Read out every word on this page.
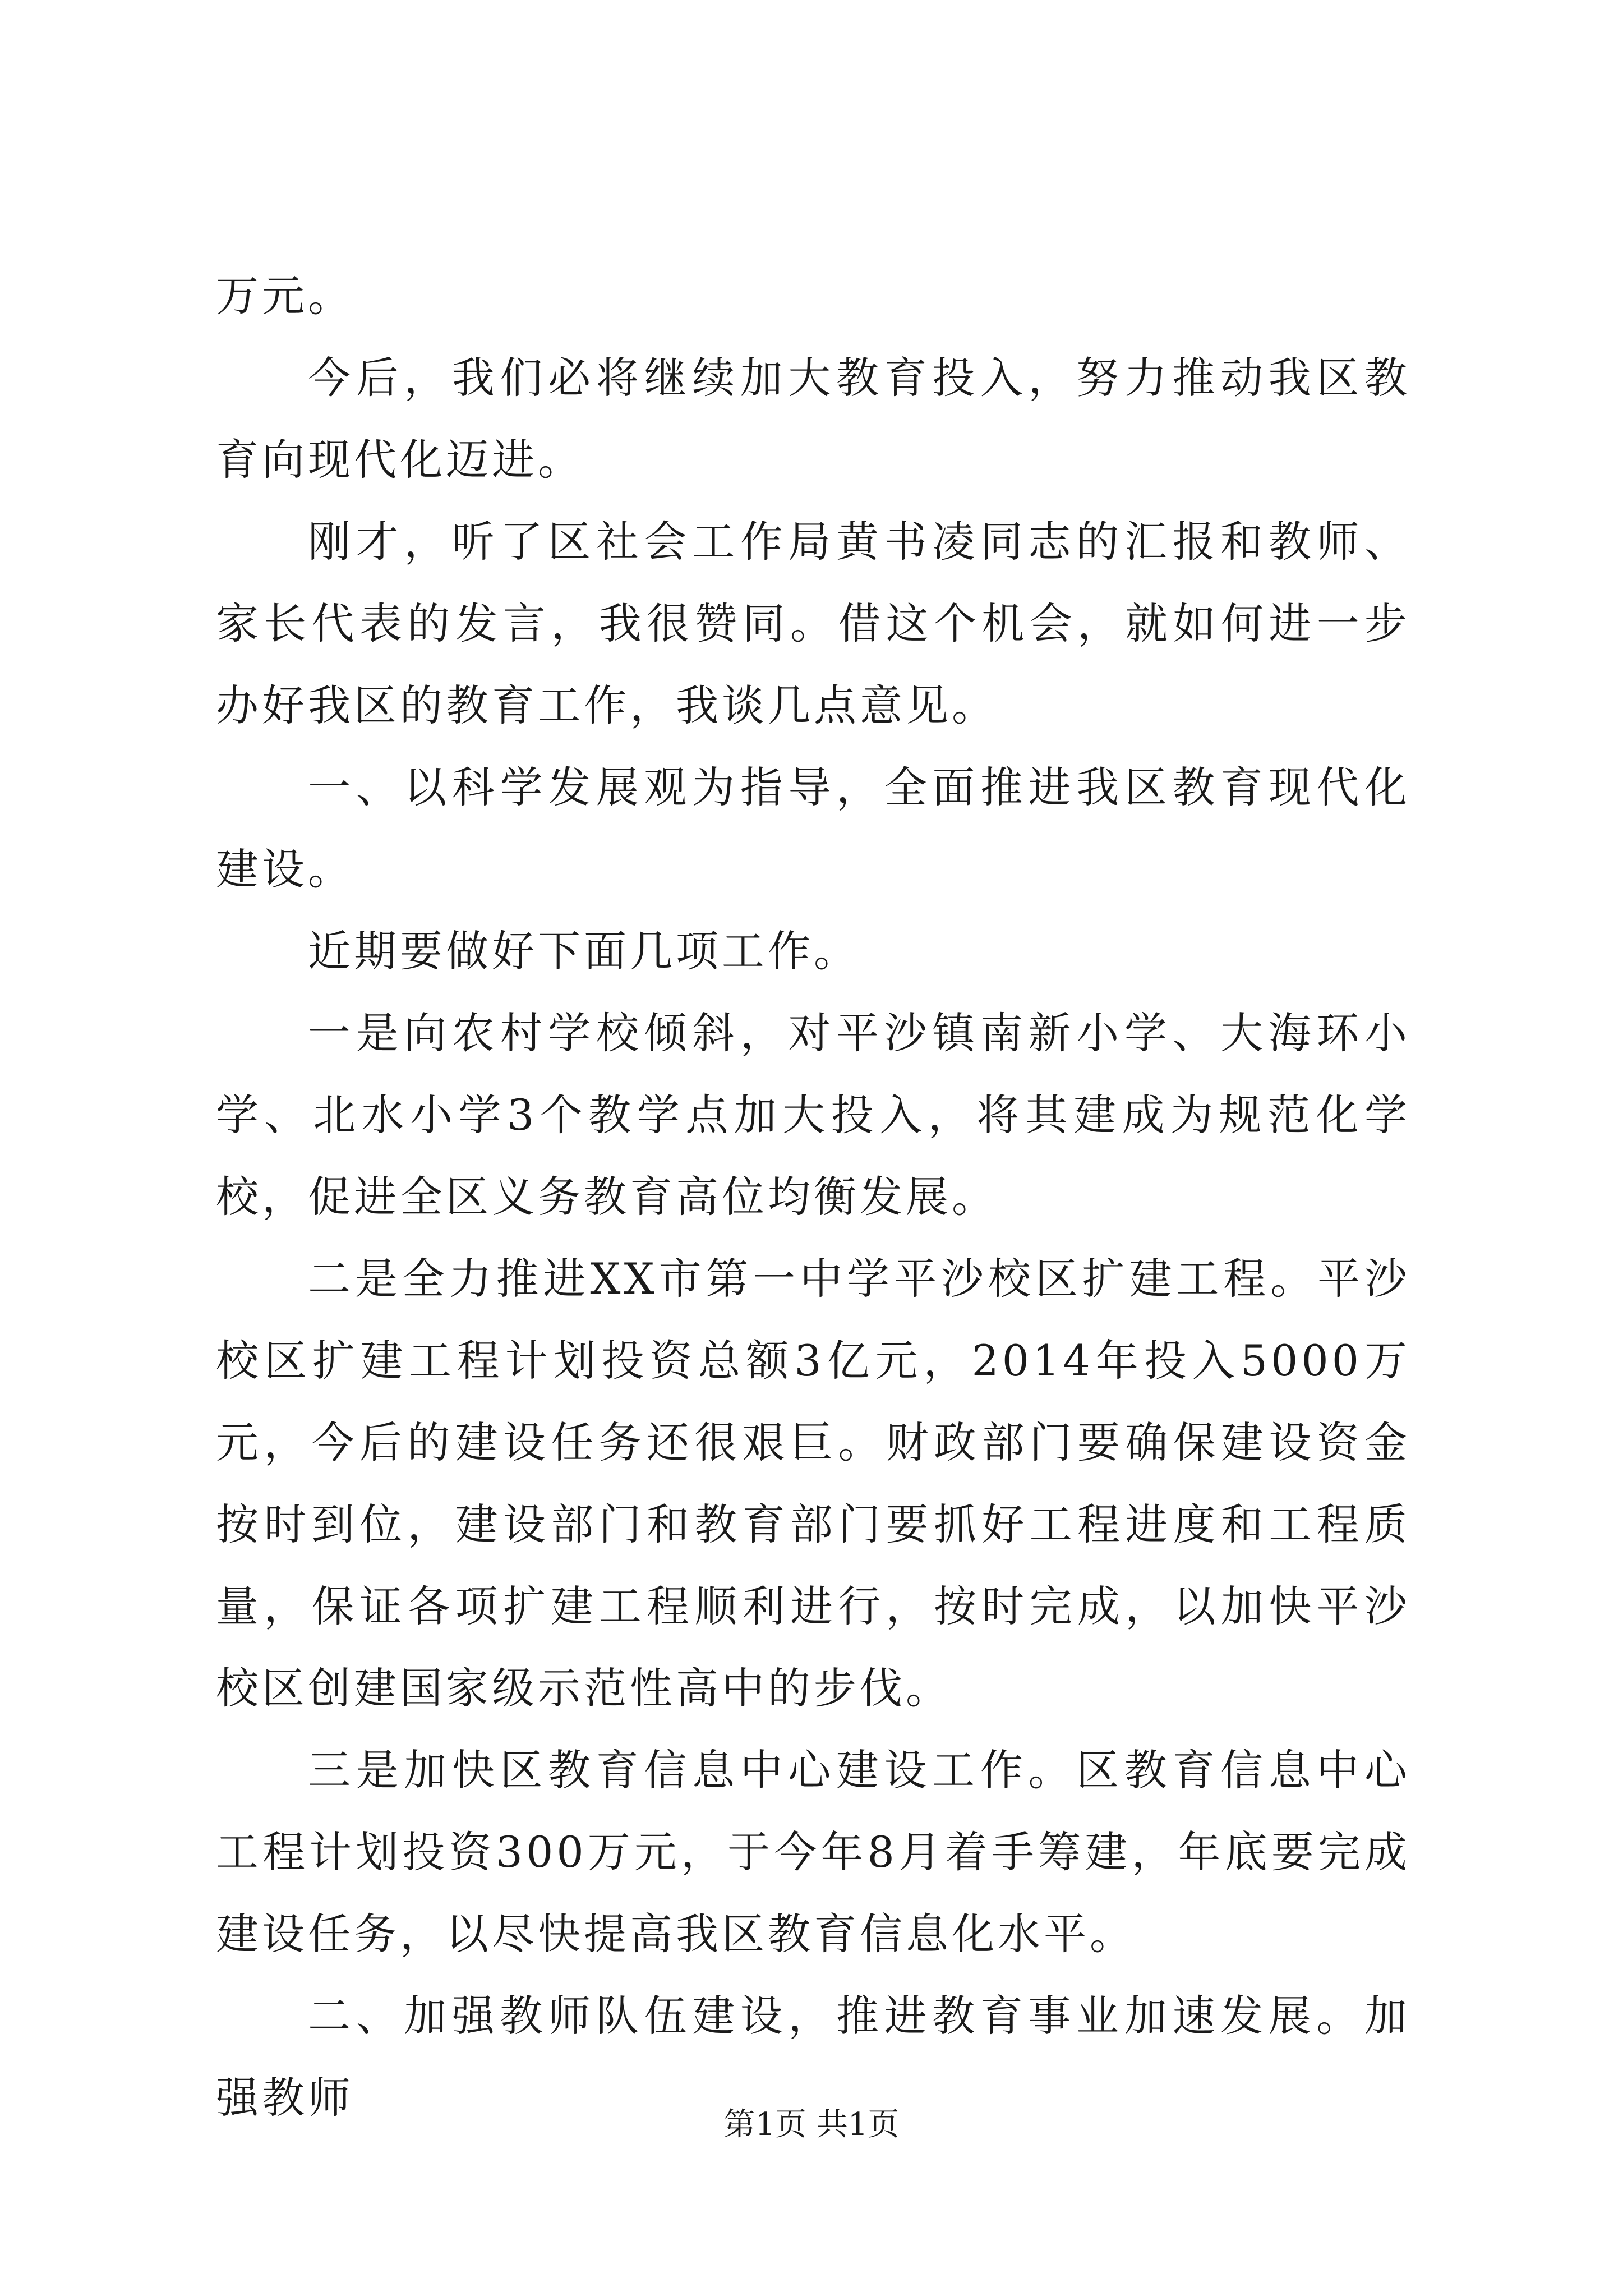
万元。

今后，我们必将继续加大教育投入，努力推动我区教育向现代化迈进。

刚才，听了区社会工作局黄书凌同志的汇报和教师、家长代表的发言，我很赞同。借这个机会，就如何进一步办好我区的教育工作，我谈几点意见。

一、以科学发展观为指导，全面推进我区教育现代化建设。

近期要做好下面几项工作。

一是向农村学校倾斜，对平沙镇南新小学、大海环小学、北水小学3个教学点加大投入，将其建成为规范化学校，促进全区义务教育高位均衡发展。

二是全力推进XX市第一中学平沙校区扩建工程。平沙校区扩建工程计划投资总额3亿元，2014年投入5000万元，今后的建设任务还很艰巨。财政部门要确保建设资金按时到位，建设部门和教育部门要抓好工程进度和工程质量，保证各项扩建工程顺利进行，按时完成，以加快平沙校区创建国家级示范性高中的步伐。

三是加快区教育信息中心建设工作。区教育信息中心工程计划投资300万元，于今年8月着手筹建，年底要完成建设任务，以尽快提高我区教育信息化水平。

二、加强教师队伍建设，推进教育事业加速发展。加强教师

第1页 共1页
